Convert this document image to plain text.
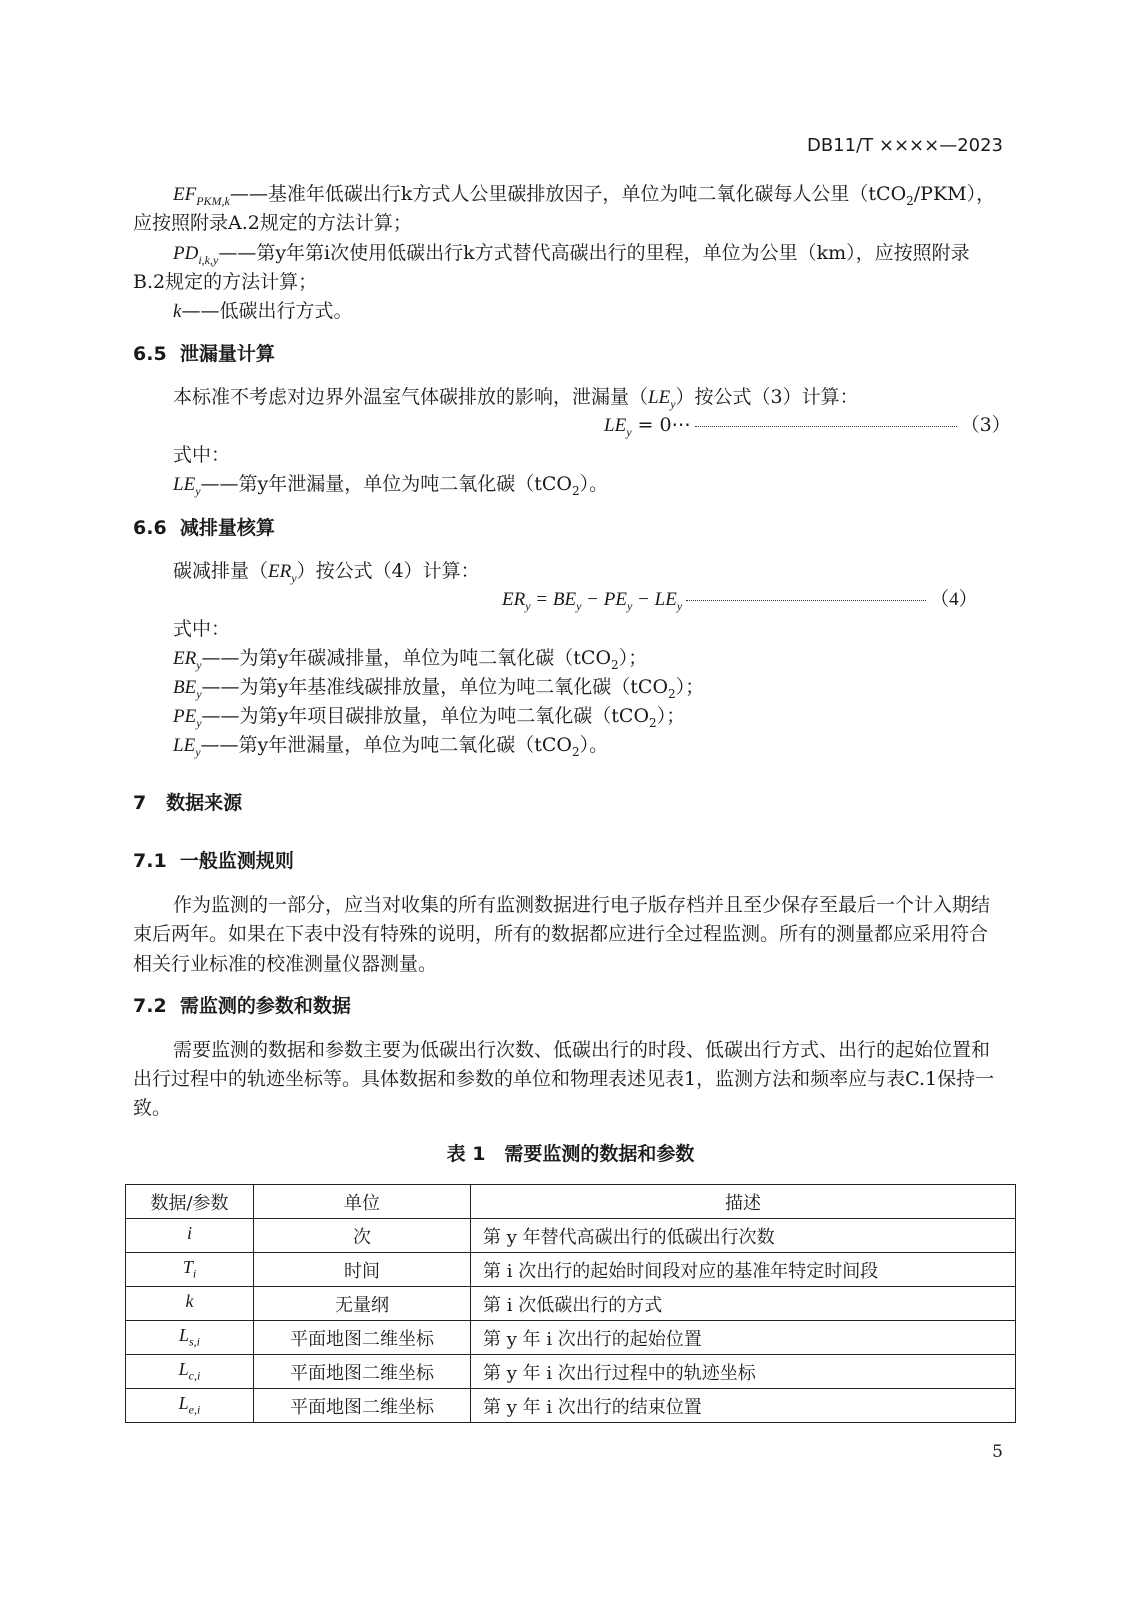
DB11/T ××××—2023
$EF_{PKM,k}——$基准年低碳出行k方式人公里碳排放因子，单位为吨二氧化碳每人公里（tCO$_2$/PKM），
应按照附录A.2规定的方法计算；
$PD_{i,k,y}——$第y年第i次使用低碳出行k方式替代高碳出行的里程，单位为公里（km），应按照附录
B.2规定的方法计算；
k——低碳出行方式。
6.5 泄漏量计算
本标准不考虑对边界外温室气体碳排放的影响，泄漏量$(LE_y)$按公式（3）计算：
$LE_y$ = 0⋯	（3）
式中：
$LE_y——$第y年泄漏量，单位为吨二氧化碳（tCO$_2$）。
6.6 减排量核算
碳减排量$(ER_y)$按公式（4）计算：
$ER_y = BE_y - PE_y - LE_y$	（4）
式中：
$ER_y——$为第y年碳减排量，单位为吨二氧化碳（tCO$_2$）；
$BE_y——$为第y年基准线碳排放量，单位为吨二氧化碳（tCO$_2$）；
$PE_y——$为第y年项目碳排放量，单位为吨二氧化碳（tCO$_2$）；
$LE_y——$第y年泄漏量，单位为吨二氧化碳（tCO$_2$）。
7 数据来源
7.1 一般监测规则
作为监测的一部分，应当对收集的所有监测数据进行电子版存档并且至少保存至最后一个计入期结
束后两年。如果在下表中没有特殊的说明，所有的数据都应进行全过程监测。所有的测量都应采用符合
相关行业标准的校准测量仪器测量。
7.2 需监测的参数和数据
需要监测的数据和参数主要为低碳出行次数、低碳出行的时段、低碳出行方式、出行的起始位置和
出行过程中的轨迹坐标等。具体数据和参数的单位和物理表述见表1，监测方法和频率应与表C.1保持一
致。
表 1　需要监测的数据和参数
数据/参数	单位	描述
i	次	第 y 年替代高碳出行的低碳出行次数
$T_i$	时间	第 i 次出行的起始时间段对应的基准年特定时间段
k	无量纲	第 i 次低碳出行的方式
$L_{s,i}$	平面地图二维坐标	第 y 年 i 次出行的起始位置
$L_{c,i}$	平面地图二维坐标	第 y 年 i 次出行过程中的轨迹坐标
$L_{e,i}$	平面地图二维坐标	第 y 年 i 次出行的结束位置
5
